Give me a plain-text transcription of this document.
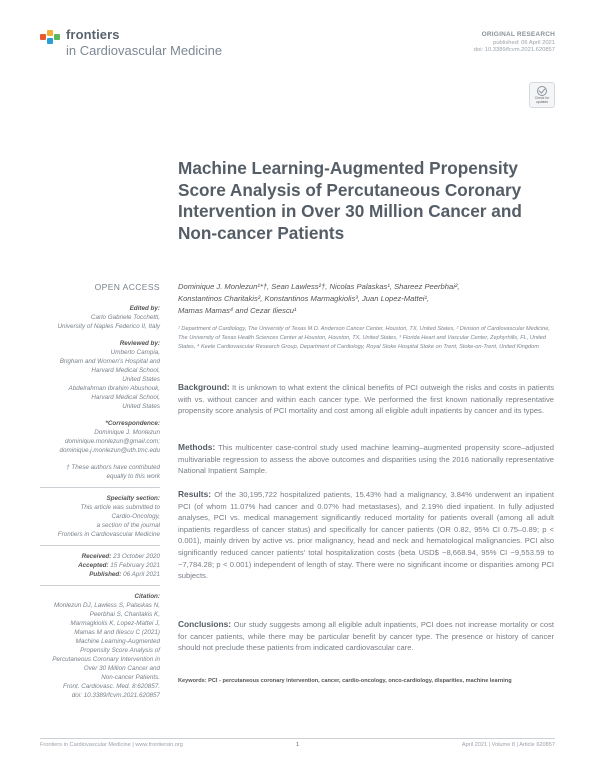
frontiers
in Cardiovascular Medicine
ORIGINAL RESEARCH
published: 06 April 2021
doi: 10.3389/fcvm.2021.620857
Check for updates
Machine Learning-Augmented Propensity Score Analysis of Percutaneous Coronary Intervention in Over 30 Million Cancer and Non-cancer Patients
OPEN ACCESS
Edited by:
Carlo Gabriele Tocchetti,
University of Naples Federico II, Italy
Reviewed by:
Umberto Campia,
Brigham and Women's Hospital and
Harvard Medical School,
United States
Abdelrahman Ibrahim Abushouk,
Harvard Medical School,
United States
*Correspondence:
Dominique J. Monlezun
dominique.monlezun@gmail.com;
dominique.j.monlezun@uth.tmc.edu
† These authors have contributed
equally to this work
Specialty section:
This article was submitted to
Cardio-Oncology,
a section of the journal
Frontiers in Cardiovascular Medicine
Received: 23 October 2020
Accepted: 15 February 2021
Published: 06 April 2021
Citation:
Monlezun DJ, Lawless S, Palaskas N,
Peerbhai S, Charitakis K,
Marmagkiolis K, Lopez-Mattei J,
Mamas M and Iliescu C (2021)
Machine Learning-Augmented
Propensity Score Analysis of
Percutaneous Coronary Intervention in
Over 30 Million Cancer and
Non-cancer Patients.
Front. Cardiovasc. Med. 8:620857.
doi: 10.3389/fcvm.2021.620857
Dominique J. Monlezun¹*†, Sean Lawless²†, Nicolas Palaskas¹, Shareez Peerbhai²,
Konstantinos Charitakis², Konstantinos Marmagkiolis³, Juan Lopez-Mattei¹,
Mamas Mamas⁴ and Cezar Iliescu¹
¹ Department of Cardiology, The University of Texas M.D. Anderson Cancer Center, Houston, TX, United States, ² Division of Cardiovascular Medicine, The University of Texas Health Sciences Center at Houston, Houston, TX, United States, ³ Florida Heart and Vascular Center, Zephyrhills, FL, United States, ⁴ Keele Cardiovascular Research Group, Department of Cardiology, Royal Stoke Hospital Stoke on Trent, Stoke-on-Trent, United Kingdom

Background: It is unknown to what extent the clinical benefits of PCI outweigh the risks and costs in patients with vs. without cancer and within each cancer type. We performed the first known nationally representative propensity score analysis of PCI mortality and cost among all eligible adult inpatients by cancer and its types.

Methods: This multicenter case-control study used machine learning–augmented propensity score–adjusted multivariable regression to assess the above outcomes and disparities using the 2016 nationally representative National Inpatient Sample.

Results: Of the 30,195,722 hospitalized patients, 15.43% had a malignancy, 3.84% underwent an inpatient PCI (of whom 11.07% had cancer and 0.07% had metastases), and 2.19% died inpatient. In fully adjusted analyses, PCI vs. medical management significantly reduced mortality for patients overall (among all adult inpatients regardless of cancer status) and specifically for cancer patients (OR 0.82, 95% CI 0.75–0.89; p < 0.001), mainly driven by active vs. prior malignancy, head and neck and hematological malignancies. PCI also significantly reduced cancer patients' total hospitalization costs (beta USD$ −8,668.94, 95% CI −9,553.59 to −7,784.28; p < 0.001) independent of length of stay. There were no significant income or disparities among PCI subjects.

Conclusions: Our study suggests among all eligible adult inpatients, PCI does not increase mortality or cost for cancer patients, while there may be particular benefit by cancer type. The presence or history of cancer should not preclude these patients from indicated cardiovascular care.

Keywords: PCI - percutaneous coronary intervention, cancer, cardio-oncology, onco-cardiology, disparities, machine learning
Frontiers in Cardiovascular Medicine | www.frontiersin.org	1	April 2021 | Volume 8 | Article 620857
